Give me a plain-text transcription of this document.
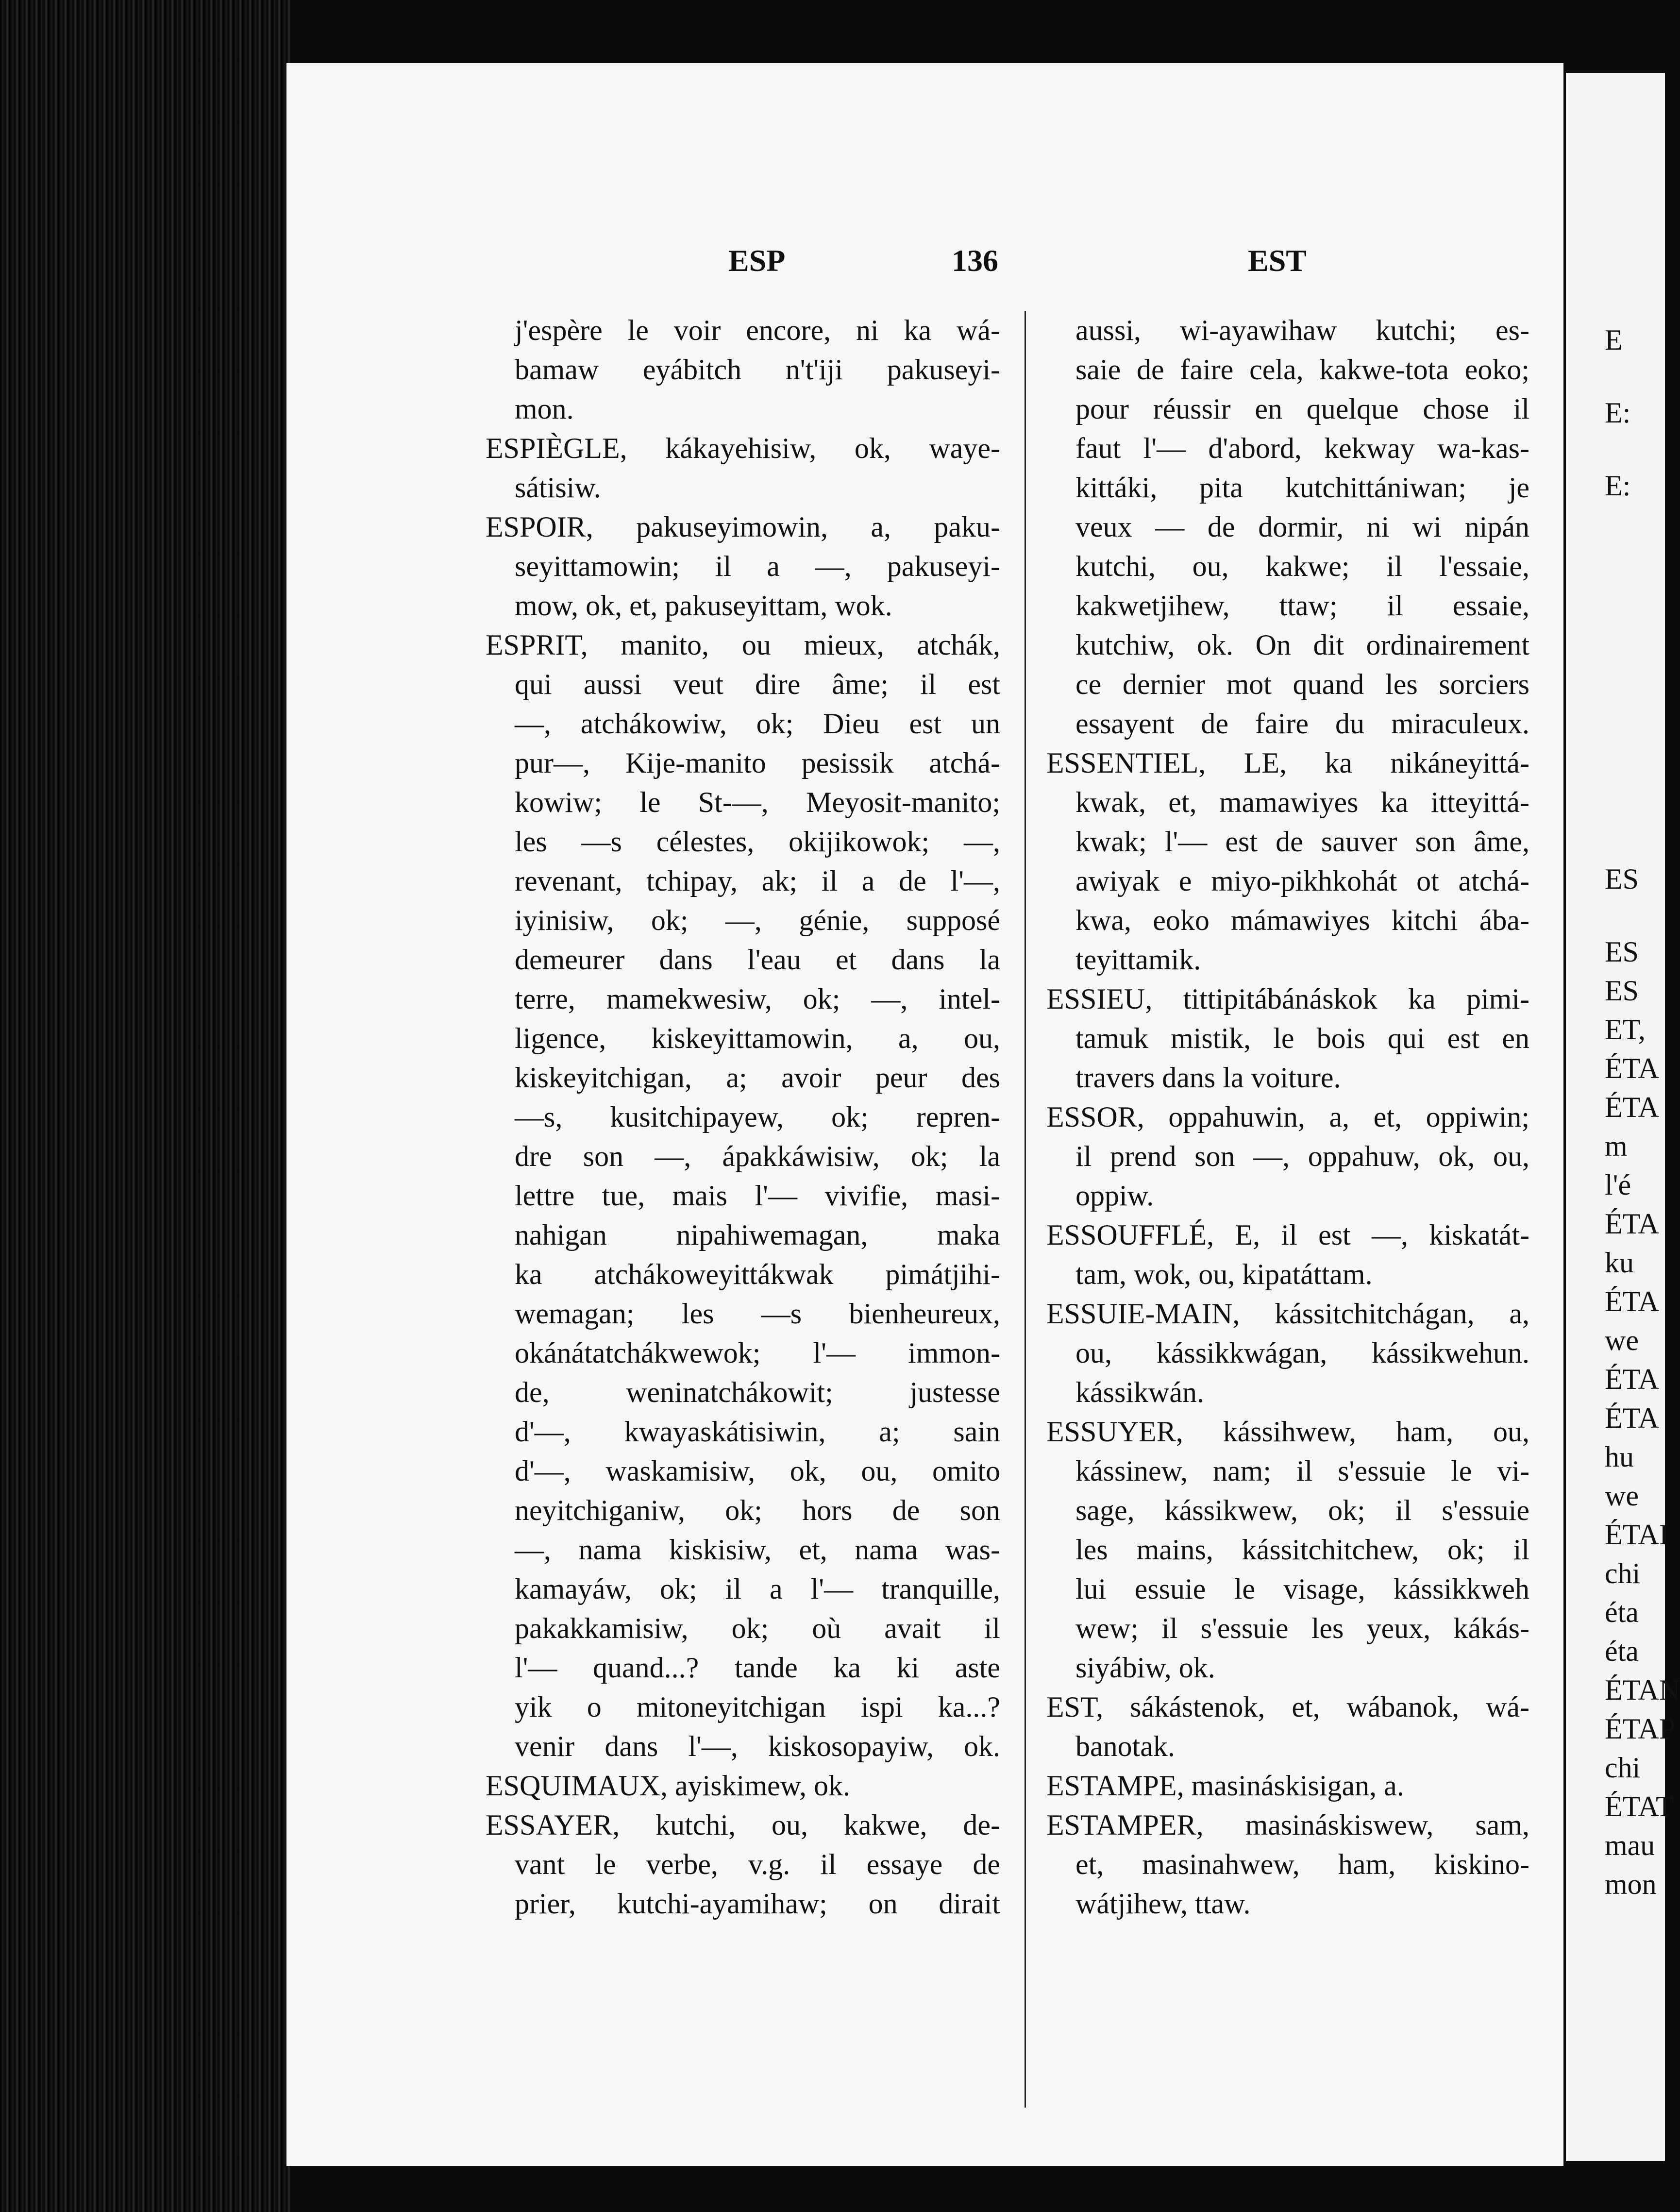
ESP	136	EST
j'espère le voir encore, ni ka wá-
bamaw eyábitch n't'iji pakuseyi-
mon.
ESPIÈGLE, kákayehisiw, ok, waye-
sátisiw.
ESPOIR, pakuseyimowin, a, paku-
seyittamowin; il a —, pakuseyi-
mow, ok, et, pakuseyittam, wok.
ESPRIT, manito, ou mieux, atchák,
qui aussi veut dire âme; il est
—, atchákowiw, ok; Dieu est un
pur—, Kije-manito pesissik atchá-
kowiw; le St-—, Meyosit-manito;
les —s célestes, okijikowok; —,
revenant, tchipay, ak; il a de l'—,
iyinisiw, ok; —, génie, supposé
demeurer dans l'eau et dans la
terre, mamekwesiw, ok; —, intel-
ligence, kiskeyittamowin, a, ou,
kiskeyitchigan, a; avoir peur des
—s, kusitchipayew, ok; repren-
dre son —, ápakkáwisiw, ok; la
lettre tue, mais l'— vivifie, masi-
nahigan nipahiwemagan, maka
ka atchákoweyittákwak pimátjihi-
wemagan; les —s bienheureux,
okánátatchákwewok; l'— immon-
de, weninatchákowit; justesse
d'—, kwayaskátisiwin, a; sain
d'—, waskamisiw, ok, ou, omito
neyitchiganiw, ok; hors de son
—, nama kiskisiw, et, nama was-
kamayáw, ok; il a l'— tranquille,
pakakkamisiw, ok; où avait il
l'— quand...? tande ka ki aste
yik o mitoneyitchigan ispi ka...?
venir dans l'—, kiskosopayiw, ok.
ESQUIMAUX, ayiskimew, ok.
ESSAYER, kutchi, ou, kakwe, de-
vant le verbe, v.g. il essaye de
prier, kutchi-ayamihaw; on dirait
aussi, wi-ayawihaw kutchi; es-
saie de faire cela, kakwe-tota eoko;
pour réussir en quelque chose il
faut l'— d'abord, kekway wa-kas-
kittáki, pita kutchittániwan; je
veux — de dormir, ni wi nipán
kutchi, ou, kakwe; il l'essaie,
kakwetjihew, ttaw; il essaie,
kutchiw, ok. On dit ordinairement
ce dernier mot quand les sorciers
essayent de faire du miraculeux.
ESSENTIEL, LE, ka nikáneyittá-
kwak, et, mamawiyes ka itteyittá-
kwak; l'— est de sauver son âme,
awiyak e miyo-pikhkohát ot atchá-
kwa, eoko mámawiyes kitchi ába-
teyittamik.
ESSIEU, tittipitábánáskok ka pimi-
tamuk mistik, le bois qui est en
travers dans la voiture.
ESSOR, oppahuwin, a, et, oppiwin;
il prend son —, oppahuw, ok, ou,
oppiw.
ESSOUFFLÉ, E, il est —, kiskatát-
tam, wok, ou, kipatáttam.
ESSUIE-MAIN, kássitchitchágan, a,
ou, kássikkwágan, kássikwehun.
kássikwán.
ESSUYER, kássihwew, ham, ou,
kássinew, nam; il s'essuie le vi-
sage, kássikwew, ok; il s'essuie
les mains, kássitchitchew, ok; il
lui essuie le visage, kássikkweh
wew; il s'essuie les yeux, kákás-
siyábiw, ok.
EST, sákástenok, et, wábanok, wá-
banotak.
ESTAMPE, masináskisigan, a.
ESTAMPER, masináskiswew, sam,
et, masinahwew, ham, kiskino-
wátjihew, ttaw.
E
E:
E:
ES
ES
ES
ET,
ÉTA
ÉTA
m
l'é
ÉTA
ku
ÉTA
we
ÉTA
ÉTA
hu
we
ÉTAI
chi
éta
éta
ÉTAN
ÉTAP
chi
ÉTAT
mau
mon
